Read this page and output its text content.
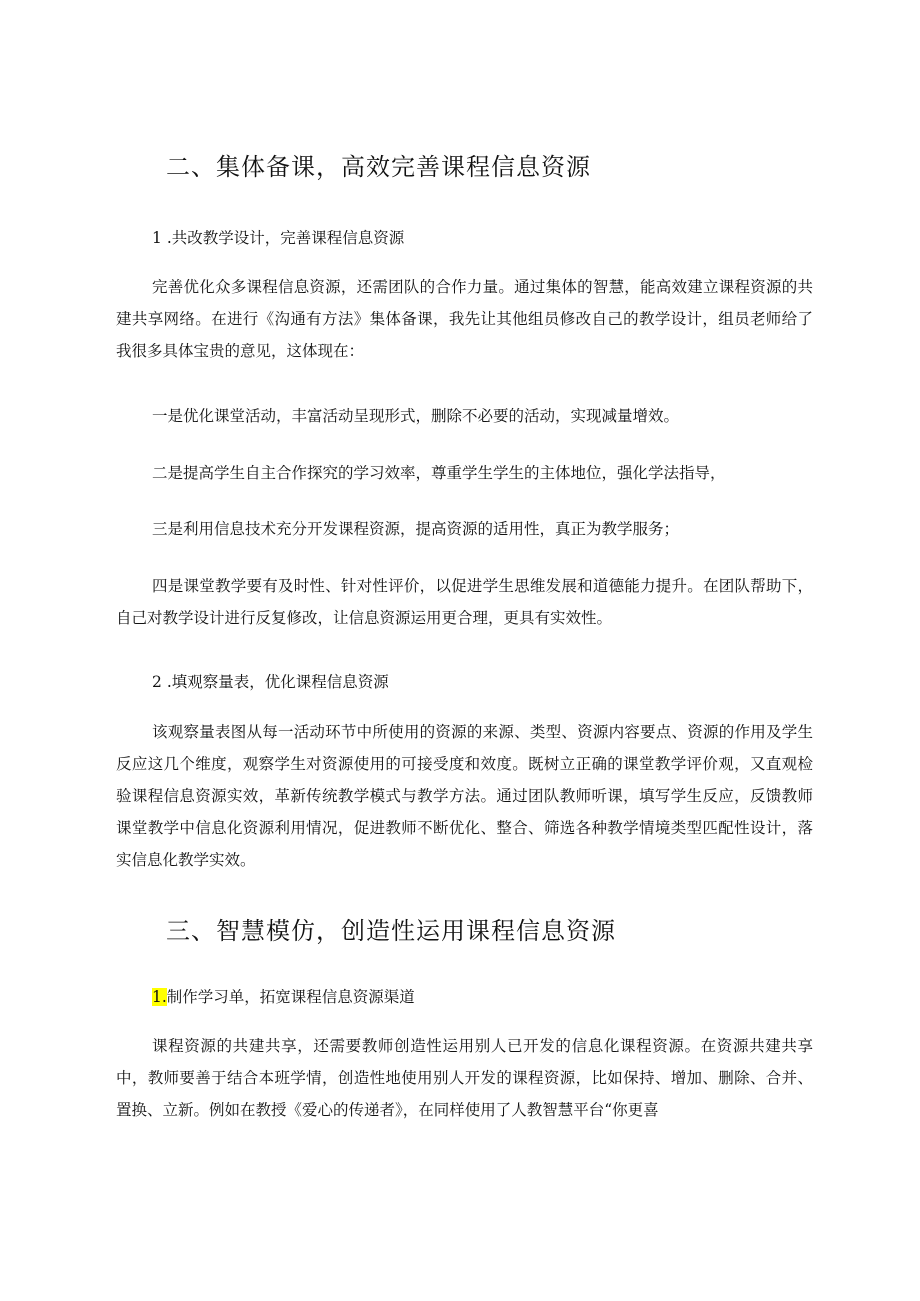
二、集体备课，高效完善课程信息资源
1 .共改教学设计，完善课程信息资源

完善优化众多课程信息资源，还需团队的合作力量。通过集体的智慧，能高效建立课程资源的共建共享网络。在进行《沟通有方法》集体备课，我先让其他组员修改自己的教学设计，组员老师给了我很多具体宝贵的意见，这体现在：

一是优化课堂活动，丰富活动呈现形式，删除不必要的活动，实现减量增效。

二是提高学生自主合作探究的学习效率，尊重学生学生的主体地位，强化学法指导，

三是利用信息技术充分开发课程资源，提高资源的适用性，真正为教学服务；

四是课堂教学要有及时性、针对性评价，以促进学生思维发展和道德能力提升。在团队帮助下，自己对教学设计进行反复修改，让信息资源运用更合理，更具有实效性。

2 .填观察量表，优化课程信息资源

该观察量表图从每一活动环节中所使用的资源的来源、类型、资源内容要点、资源的作用及学生反应这几个维度，观察学生对资源使用的可接受度和效度。既树立正确的课堂教学评价观，又直观检验课程信息资源实效，革新传统教学模式与教学方法。通过团队教师听课，填写学生反应，反馈教师课堂教学中信息化资源利用情况，促进教师不断优化、整合、筛选各种教学情境类型匹配性设计，落实信息化教学实效。

三、智慧模仿，创造性运用课程信息资源
1.制作学习单，拓宽课程信息资源渠道

课程资源的共建共享，还需要教师创造性运用别人已开发的信息化课程资源。在资源共建共享中，教师要善于结合本班学情，创造性地使用别人开发的课程资源，比如保持、增加、删除、合并、置换、立新。例如在教授《爱心的传递者》，在同样使用了人教智慧平台“你更喜
